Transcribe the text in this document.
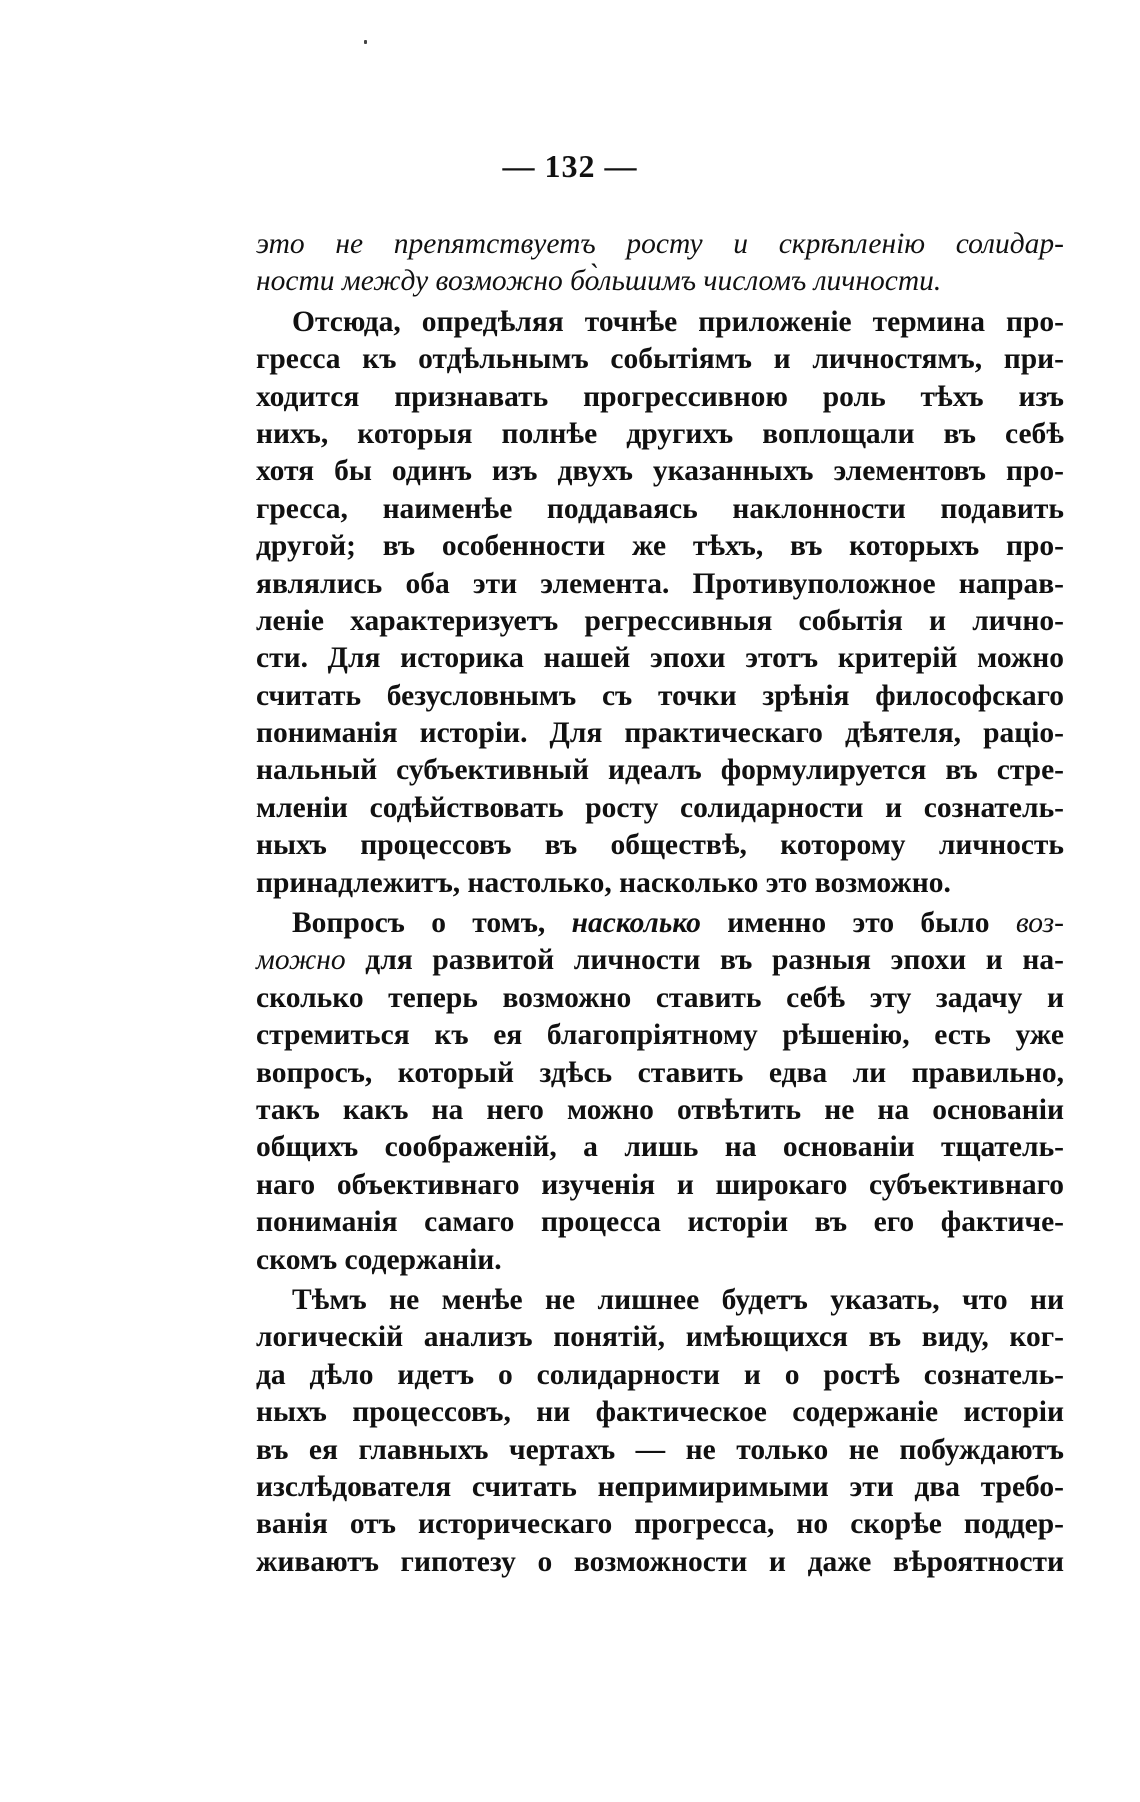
— 132 —
это не препятствуетъ росту и скрѣпленію солидар-
ности между возможно бо̀льшимъ числомъ личности.
Отсюда, опредѣляя точнѣе приложеніе термина про-
гресса къ отдѣльнымъ событіямъ и личностямъ, при-
ходится признавать прогрессивною роль тѣхъ изъ
нихъ, которыя полнѣе другихъ воплощали въ себѣ
хотя бы одинъ изъ двухъ указанныхъ элементовъ про-
гресса, наименѣе поддаваясь наклонности подавить
другой; въ особенности же тѣхъ, въ которыхъ про-
являлись оба эти элемента. Противуположное направ-
леніе характеризуетъ регрессивныя событія и лично-
сти. Для историка нашей эпохи этотъ критерій можно
считать безусловнымъ съ точки зрѣнія философскаго
пониманія исторіи. Для практическаго дѣятеля, раціо-
нальный субъективный идеалъ формулируется въ стре-
мленіи содѣйствовать росту солидарности и сознатель-
ныхъ процессовъ въ обществѣ, которому личность
принадлежитъ, настолько, насколько это возможно.
Вопросъ о томъ, насколько именно это было воз-
можно для развитой личности въ разныя эпохи и на-
сколько теперь возможно ставить себѣ эту задачу и
стремиться къ ея благопріятному рѣшенію, есть уже
вопросъ, который здѣсь ставить едва ли правильно,
такъ какъ на него можно отвѣтить не на основаніи
общихъ соображеній, а лишь на основаніи тщатель-
наго объективнаго изученія и широкаго субъективнаго
пониманія самаго процесса исторіи въ его фактиче-
скомъ содержаніи.
Тѣмъ не менѣе не лишнее будетъ указать, что ни
логическій анализъ понятій, имѣющихся въ виду, ког-
да дѣло идетъ о солидарности и о ростѣ сознатель-
ныхъ процессовъ, ни фактическое содержаніе исторіи
въ ея главныхъ чертахъ — не только не побуждаютъ
изслѣдователя считать непримиримыми эти два требо-
ванія отъ историческаго прогресса, но скорѣе поддер-
живаютъ гипотезу о возможности и даже вѣроятности
